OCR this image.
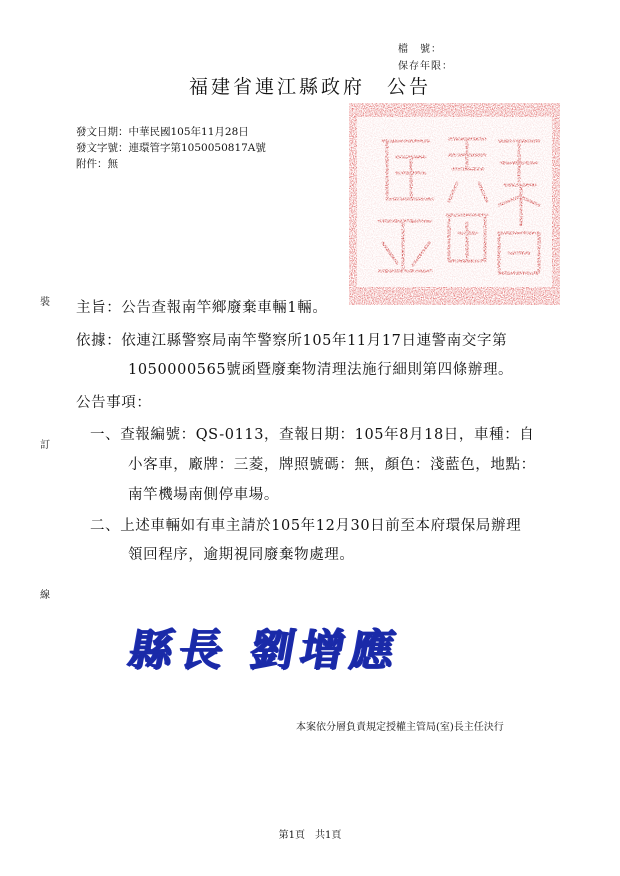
檔　號：
保存年限：
福建省連江縣政府　公告
發文日期：中華民國105年11月28日
發文字號：連環管字第1050050817A號
附件：無
裝
訂
線
主旨：公告查報南竿鄉廢棄車輛1輛。
依據：依連江縣警察局南竿警察所105年11月17日連警南交字第
1050000565號函暨廢棄物清理法施行細則第四條辦理。
公告事項：
一、查報編號：QS-0113，查報日期：105年8月18日，車種：自
小客車，廠牌：三菱，牌照號碼：無，顏色：淺藍色，地點：
南竿機場南側停車場。
二、上述車輛如有車主請於105年12月30日前至本府環保局辦理
領回程序，逾期視同廢棄物處理。
縣長 劉增應
本案依分層負責規定授權主管局(室)長主任決行
第1頁　共1頁
